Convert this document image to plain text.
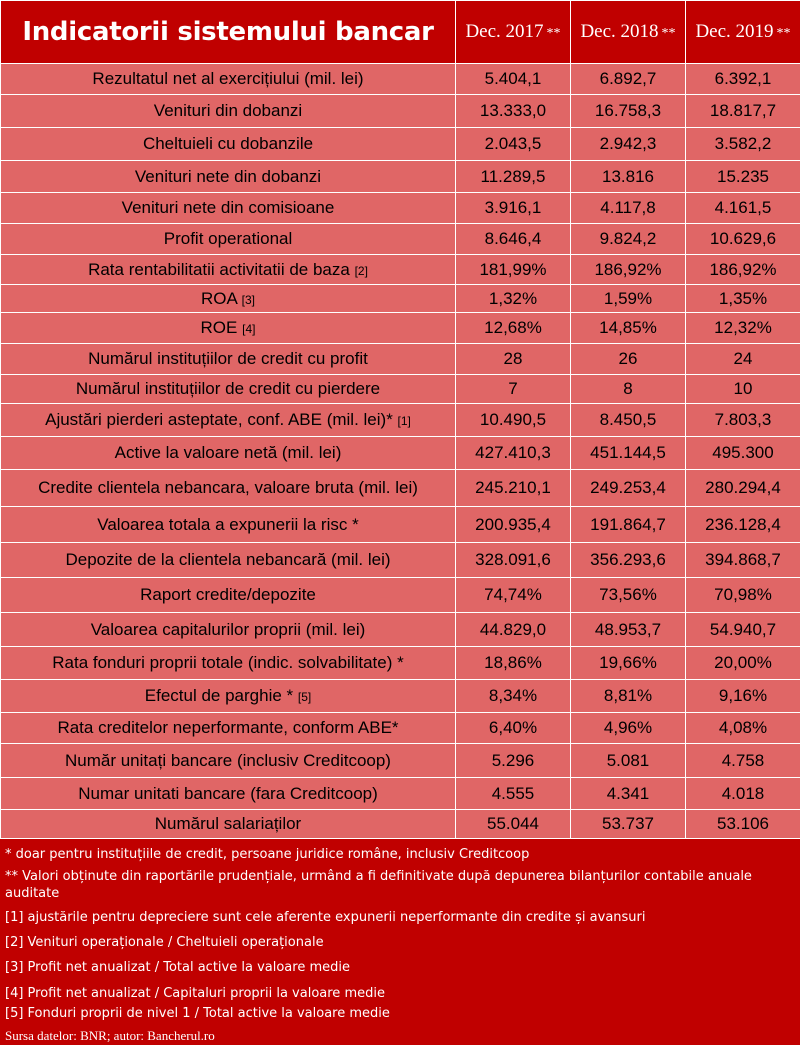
Indicatorii sistemului bancar	Dec. 2017 **	Dec. 2018 **	Dec. 2019 **
Rezultatul net al exercițiului (mil. lei)	5.404,1	6.892,7	6.392,1
Venituri din dobanzi	13.333,0	16.758,3	18.817,7
Cheltuieli cu dobanzile	2.043,5	2.942,3	3.582,2
Venituri nete din dobanzi	11.289,5	13.816	15.235
Venituri nete din comisioane	3.916,1	4.117,8	4.161,5
Profit operational	8.646,4	9.824,2	10.629,6
Rata rentabilitatii activitatii de baza [2]	181,99%	186,92%	186,92%
ROA [3]	1,32%	1,59%	1,35%
ROE [4]	12,68%	14,85%	12,32%
Numărul instituțiilor de credit cu profit	28	26	24
Numărul instituțiilor de credit cu pierdere	7	8	10
Ajustări pierderi asteptate, conf. ABE (mil. lei)* [1]	10.490,5	8.450,5	7.803,3
Active la valoare netă (mil. lei)	427.410,3	451.144,5	495.300
Credite clientela nebancara, valoare bruta (mil. lei)	245.210,1	249.253,4	280.294,4
Valoarea totala a expunerii la risc *	200.935,4	191.864,7	236.128,4
Depozite de la clientela nebancară (mil. lei)	328.091,6	356.293,6	394.868,7
Raport credite/depozite	74,74%	73,56%	70,98%
Valoarea capitalurilor proprii (mil. lei)	44.829,0	48.953,7	54.940,7
Rata fonduri proprii totale (indic. solvabilitate) *	18,86%	19,66%	20,00%
Efectul de parghie * [5]	8,34%	8,81%	9,16%
Rata creditelor neperformante, conform ABE*	6,40%	4,96%	4,08%
Număr unitați bancare (inclusiv Creditcoop)	5.296	5.081	4.758
Numar unitati bancare (fara Creditcoop)	4.555	4.341	4.018
Numărul salariaților	55.044	53.737	53.106
Sursa datelor: BNR; autor: Bancherul.ro
* doar pentru instituțiile de credit, persoane juridice române, inclusiv Creditcoop
** Valori obținute din raportările prudențiale, urmând a fi definitivate după depunerea bilanțurilor contabile anuale auditate
[1] ajustările pentru depreciere sunt cele aferente expunerii neperformante din credite și avansuri
[2] Venituri operaționale / Cheltuieli operaționale
[3] Profit net anualizat / Total active la valoare medie
[4] Profit net anualizat / Capitaluri proprii la valoare medie
[5] Fonduri proprii de nivel 1 / Total active la valoare medie
